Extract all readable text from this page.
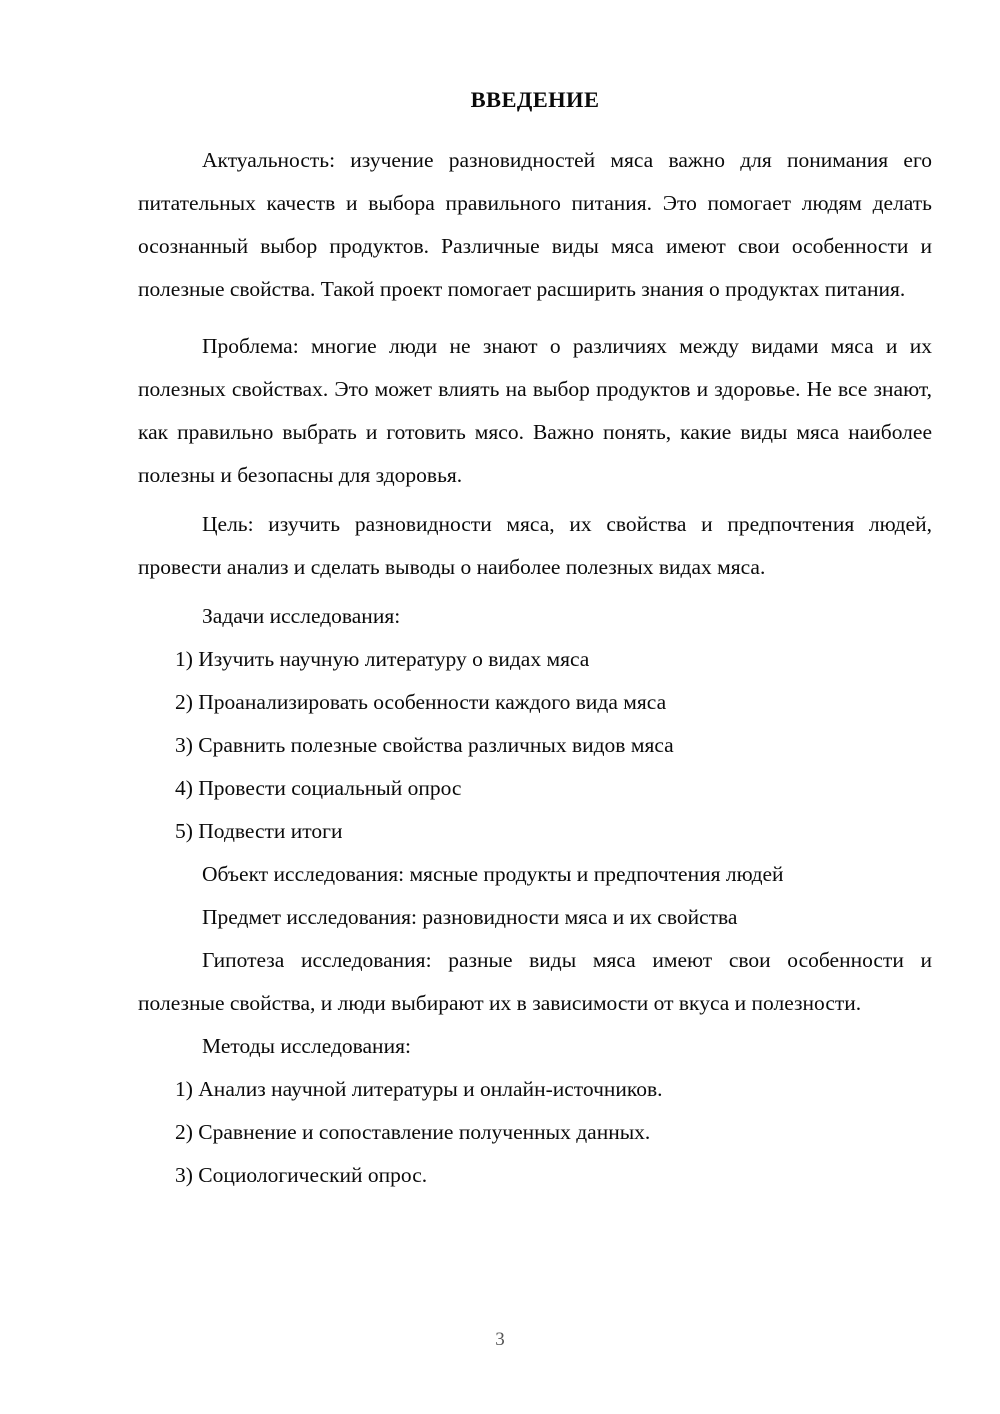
ВВЕДЕНИЕ

Актуальность: изучение разновидностей мяса важно для понимания его питательных качеств и выбора правильного питания. Это помогает людям делать осознанный выбор продуктов. Различные виды мяса имеют свои особенности и полезные свойства. Такой проект помогает расширить знания о продуктах питания.

Проблема: многие люди не знают о различиях между видами мяса и их полезных свойствах. Это может влиять на выбор продуктов и здоровье. Не все знают, как правильно выбрать и готовить мясо. Важно понять, какие виды мяса наиболее полезны и безопасны для здоровья.

Цель: изучить разновидности мяса, их свойства и предпочтения людей, провести анализ и сделать выводы о наиболее полезных видах мяса.

Задачи исследования:

1) Изучить научную литературу о видах мяса

2) Проанализировать особенности каждого вида мяса

3) Сравнить полезные свойства различных видов мяса

4) Провести социальный опрос

5) Подвести итоги

Объект исследования: мясные продукты и предпочтения людей

Предмет исследования: разновидности мяса и их свойства

Гипотеза исследования: разные виды мяса имеют свои особенности и полезные свойства, и люди выбирают их в зависимости от вкуса и полезности.

Методы исследования:

1) Анализ научной литературы и онлайн-источников.

2) Сравнение и сопоставление полученных данных.

3) Социологический опрос.

3
